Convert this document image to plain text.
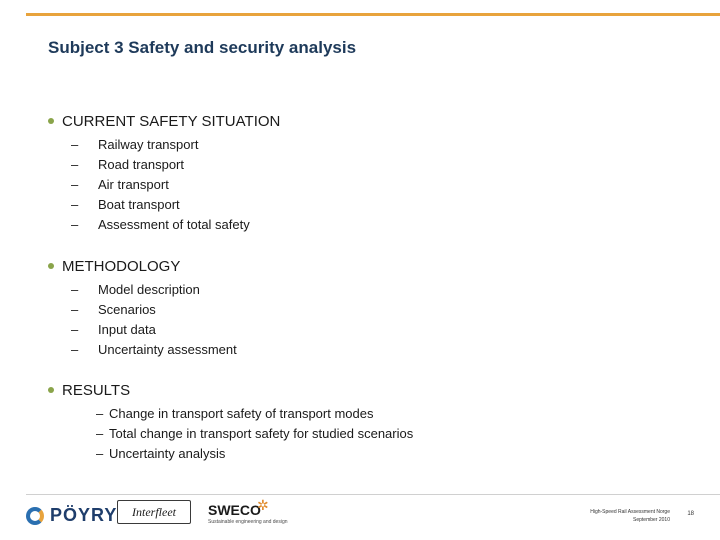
Subject 3 Safety and security analysis
CURRENT SAFETY SITUATION
– Railway transport
– Road transport
– Air transport
– Boat transport
– Assessment of total safety
METHODOLOGY
– Model description
– Scenarios
– Input data
– Uncertainty assessment
RESULTS
– Change in transport safety of transport modes
– Total change in transport safety for studied scenarios
– Uncertainty analysis
PÖYRY	Interfleet	SWECO
✲
Sustainable engineering and design
High-Speed Rail Assessment Norge
September 2010
18
